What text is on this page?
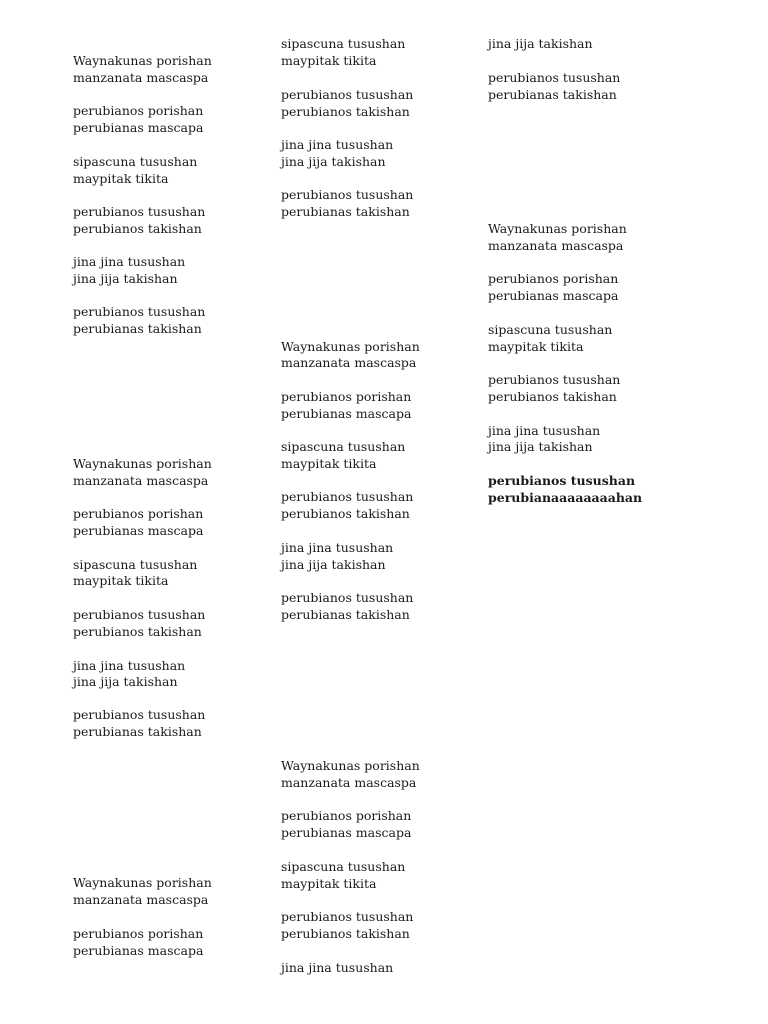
Waynakunas porishan
manzanata mascaspa
perubianos porishan
perubianas mascapa
sipascuna tusushan
maypitak tikita
perubianos tusushan
perubianos takishan
jina jina tusushan
jina jija takishan
perubianos tusushan
perubianas takishan
Waynakunas porishan
manzanata mascaspa
perubianos porishan
perubianas mascapa
sipascuna tusushan
maypitak tikita
perubianos tusushan
perubianos takishan
jina jina tusushan
jina jija takishan
perubianos tusushan
perubianas takishan
Waynakunas porishan
manzanata mascaspa
perubianos porishan
perubianas mascapa
sipascuna tusushan
maypitak tikita
perubianos tusushan
perubianos takishan
jina jina tusushan
jina jija takishan
perubianos tusushan
perubianas takishan
Waynakunas porishan
manzanata mascaspa
perubianos porishan
perubianas mascapa
sipascuna tusushan
maypitak tikita
perubianos tusushan
perubianos takishan
jina jina tusushan
jina jija takishan
perubianos tusushan
perubianas takishan
Waynakunas porishan
manzanata mascaspa
perubianos porishan
perubianas mascapa
sipascuna tusushan
maypitak tikita
perubianos tusushan
perubianos takishan
jina jina tusushan
jina jija takishan
perubianos tusushan
perubianas takishan
Waynakunas porishan
manzanata mascaspa
perubianos porishan
perubianas mascapa
sipascuna tusushan
maypitak tikita
perubianos tusushan
perubianos takishan
jina jina tusushan
jina jija takishan
perubianos tusushan
perubianaaaaaaaahan
